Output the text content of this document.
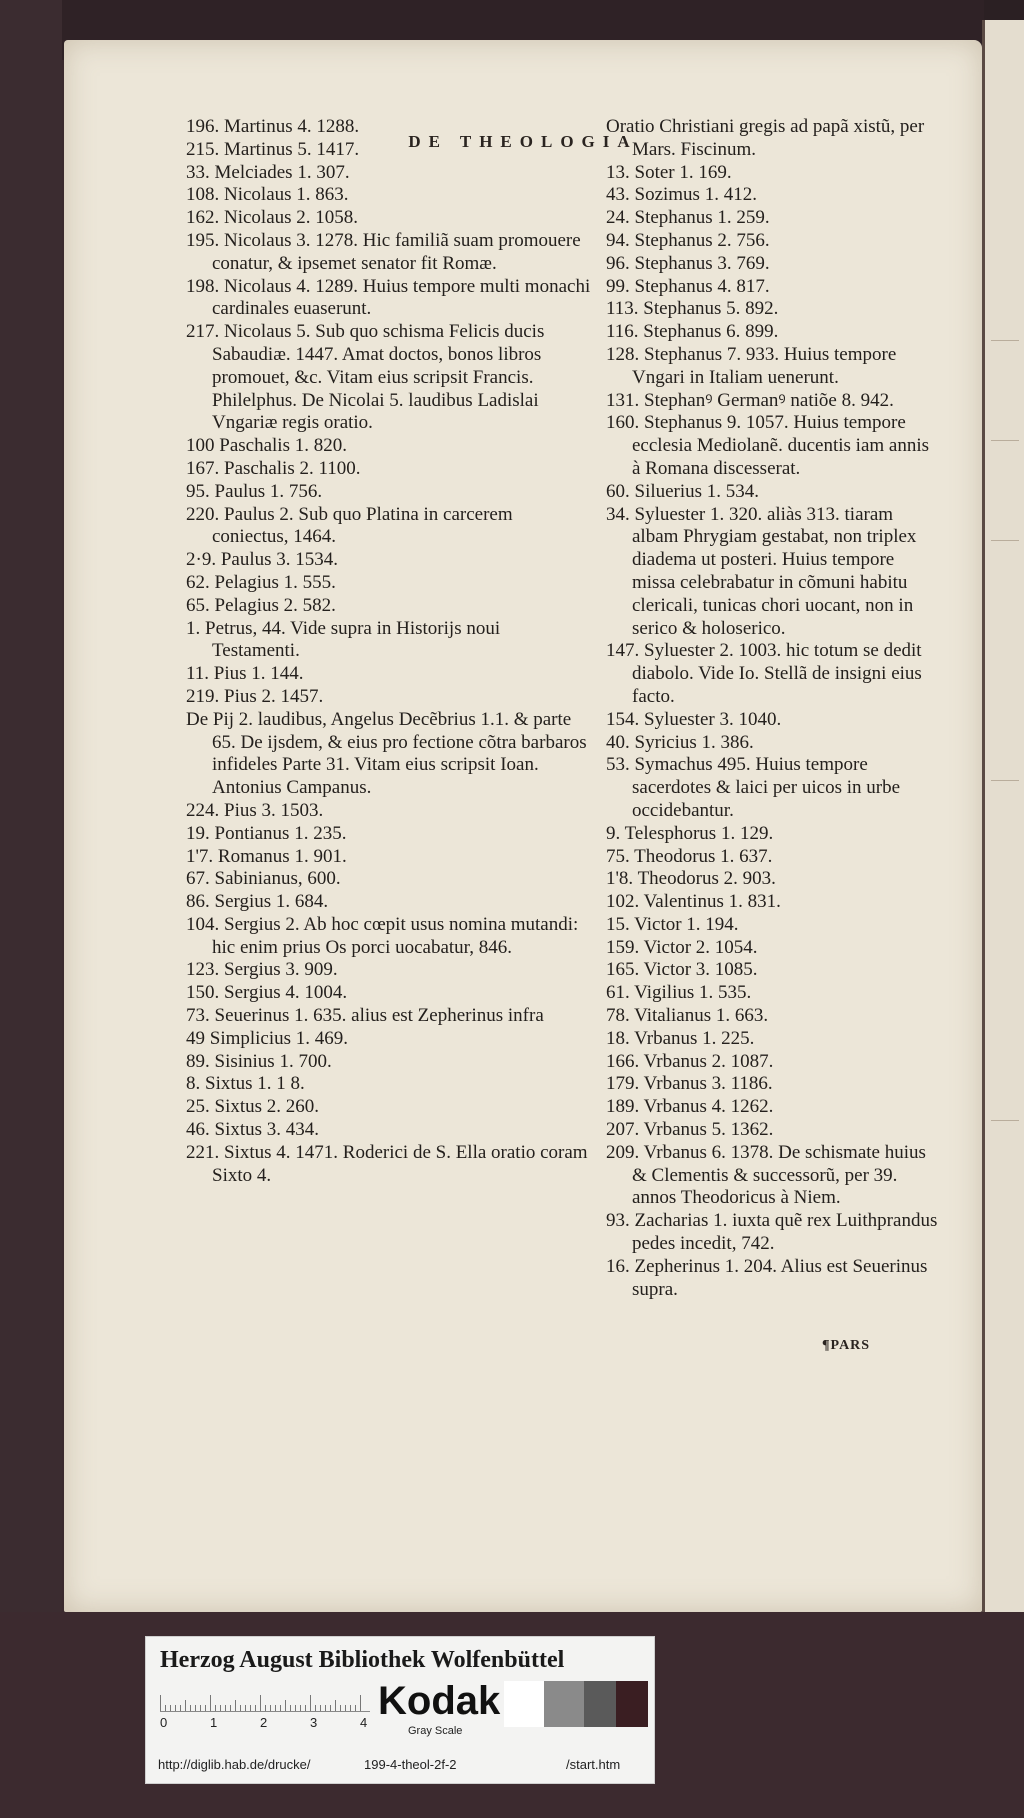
DE THEOLOGIA

196. Martinus 4. 1288.

215. Martinus 5. 1417.

33. Melciades 1. 307.

108. Nicolaus 1. 863.

162. Nicolaus 2. 1058.

195. Nicolaus 3. 1278. Hic familiã suam promouere conatur, & ipsemet senator fit Romæ.

198. Nicolaus 4. 1289. Huius tempore multi monachi cardinales euaserunt.

217. Nicolaus 5. Sub quo schisma Felicis ducis Sabaudiæ. 1447. Amat doctos, bonos libros promouet, &c. Vitam eius scripsit Francis. Philelphus. De Nicolai 5. laudibus Ladislai Vngariæ regis oratio.

100 Paschalis 1. 820.

167. Paschalis 2. 1100.

95. Paulus 1. 756.

220. Paulus 2. Sub quo Platina in carcerem coniectus, 1464.

2·9. Paulus 3. 1534.

62. Pelagius 1. 555.

65. Pelagius 2. 582.

1. Petrus, 44. Vide supra in Historijs noui Testamenti.

11. Pius 1. 144.

219. Pius 2. 1457.

De Pij 2. laudibus, Angelus Decẽbrius 1.1. & parte 65. De ijsdem, & eius pro fectione cõtra barbaros infideles Parte 31. Vitam eius scripsit Ioan. Antonius Campanus.

224. Pius 3. 1503.

19. Pontianus 1. 235.

1'7. Romanus 1. 901.

67. Sabinianus, 600.

86. Sergius 1. 684.

104. Sergius 2. Ab hoc cœpit usus nomina mutandi: hic enim prius Os porci uocabatur, 846.

123. Sergius 3. 909.

150. Sergius 4. 1004.

73. Seuerinus 1. 635. alius est Zepherinus infra

49 Simplicius 1. 469.

89. Sisinius 1. 700.

8. Sixtus 1. 1 8.

25. Sixtus 2. 260.

46. Sixtus 3. 434.

221. Sixtus 4. 1471. Roderici de S. Ella oratio coram Sixto 4.

Oratio Christiani gregis ad papã xistũ, per Mars. Fiscinum.

13. Soter 1. 169.

43. Sozimus 1. 412.

24. Stephanus 1. 259.

94. Stephanus 2. 756.

96. Stephanus 3. 769.

99. Stephanus 4. 817.

113. Stephanus 5. 892.

116. Stephanus 6. 899.

128. Stephanus 7. 933. Huius tempore Vngari in Italiam uenerunt.

131. Stephanꝰ Germanꝰ natiõe 8. 942.

160. Stephanus 9. 1057. Huius tempore ecclesia Mediolanẽ. ducentis iam annis à Romana discesserat.

60. Siluerius 1. 534.

34. Syluester 1. 320. aliàs 313. tiaram albam Phrygiam gestabat, non triplex diadema ut posteri. Huius tempore missa celebrabatur in cõmuni habitu clericali, tunicas chori uocant, non in serico & holoserico.

147. Syluester 2. 1003. hic totum se dedit diabolo. Vide Io. Stellã de insigni eius facto.

154. Syluester 3. 1040.

40. Syricius 1. 386.

53. Symachus 495. Huius tempore sacerdotes & laici per uicos in urbe occidebantur.

9. Telesphorus 1. 129.

75. Theodorus 1. 637.

1'8. Theodorus 2. 903.

102. Valentinus 1. 831.

15. Victor 1. 194.

159. Victor 2. 1054.

165. Victor 3. 1085.

61. Vigilius 1. 535.

78. Vitalianus 1. 663.

18. Vrbanus 1. 225.

166. Vrbanus 2. 1087.

179. Vrbanus 3. 1186.

189. Vrbanus 4. 1262.

207. Vrbanus 5. 1362.

209. Vrbanus 6. 1378. De schismate huius & Clementis & successorũ, per 39. annos Theodoricus à Niem.

93. Zacharias 1. iuxta quẽ rex Luithprandus pedes incedit, 742.

16. Zepherinus 1. 204. Alius est Seuerinus supra.

¶PARS
Herzog August Bibliothek Wolfenbüttel
0	1	2	3	4 Kodak
Gray Scale
http://diglib.hab.de/drucke/	199-4-theol-2f-2	/start.htm
